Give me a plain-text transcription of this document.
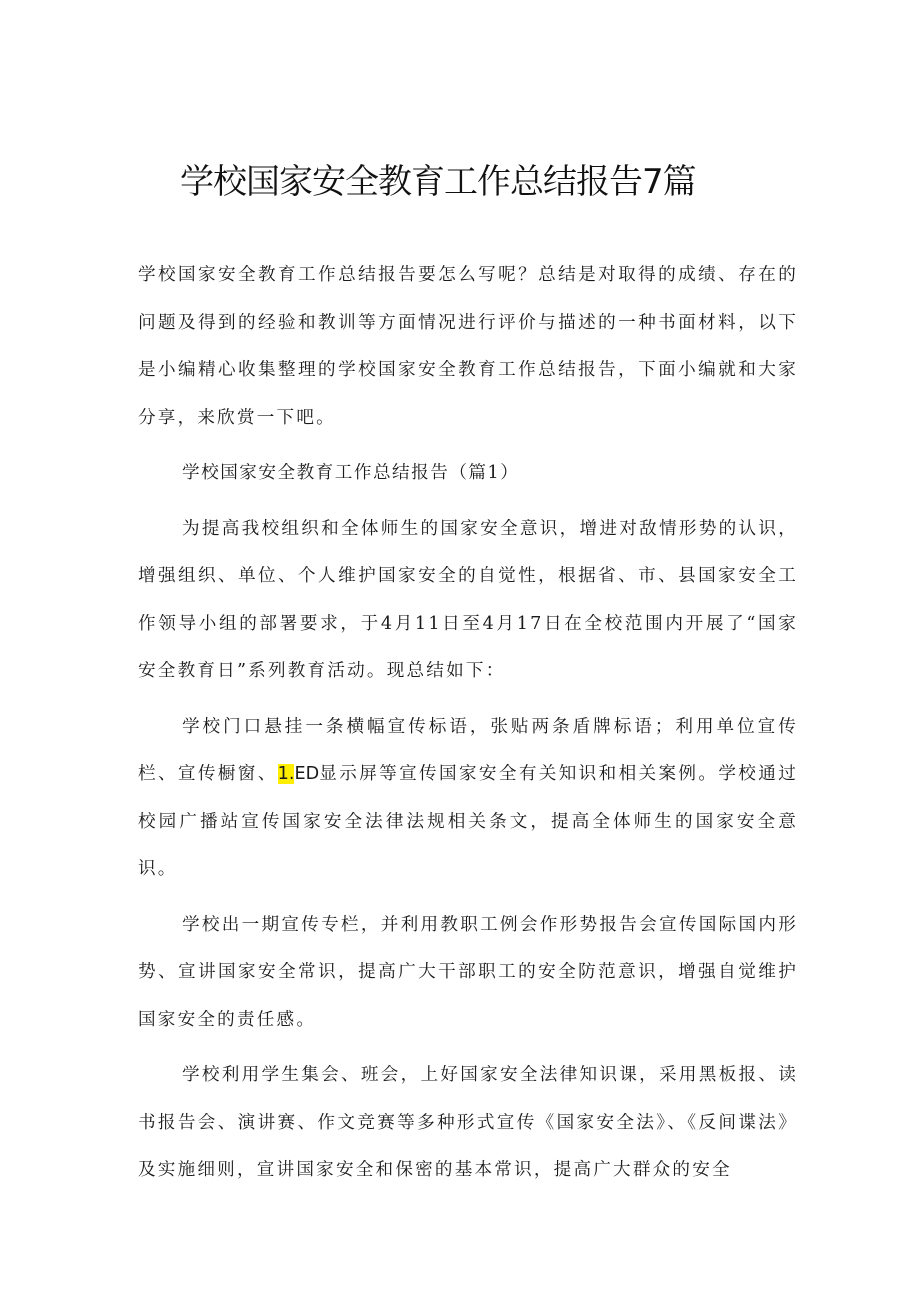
学校国家安全教育工作总结报告7篇

学校国家安全教育工作总结报告要怎么写呢？总结是对取得的成绩、存在的问题及得到的经验和教训等方面情况进行评价与描述的一种书面材料，以下是小编精心收集整理的学校国家安全教育工作总结报告，下面小编就和大家分享，来欣赏一下吧。

学校国家安全教育工作总结报告（篇1）

为提高我校组织和全体师生的国家安全意识，增进对敌情形势的认识，增强组织、单位、个人维护国家安全的自觉性，根据省、市、县国家安全工作领导小组的部署要求，于4月11日至4月17日在全校范围内开展了“国家安全教育日”系列教育活动。现总结如下：

学校门口悬挂一条横幅宣传标语，张贴两条盾牌标语；利用单位宣传栏、宣传橱窗、1.ED显示屏等宣传国家安全有关知识和相关案例。学校通过校园广播站宣传国家安全法律法规相关条文，提高全体师生的国家安全意识。

学校出一期宣传专栏，并利用教职工例会作形势报告会宣传国际国内形势、宣讲国家安全常识，提高广大干部职工的安全防范意识，增强自觉维护国家安全的责任感。

学校利用学生集会、班会，上好国家安全法律知识课，采用黑板报、读书报告会、演讲赛、作文竞赛等多种形式宣传《国家安全法》、《反间谍法》及实施细则，宣讲国家安全和保密的基本常识，提高广大群众的安全
